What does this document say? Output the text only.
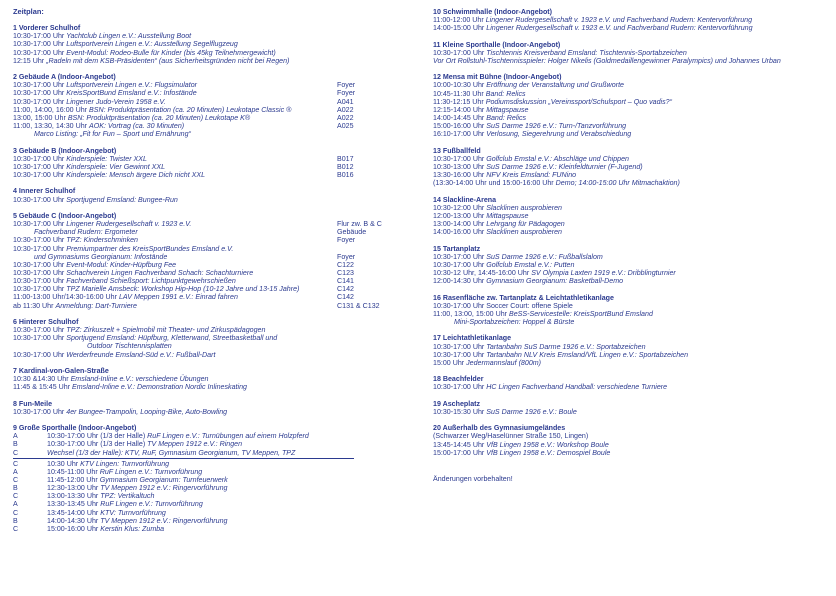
Zeitplan:
1 Vorderer Schulhof
10:30-17:00 Uhr Yachtclub Lingen e.V.: Ausstellung Boot
10:30-17:00 Uhr Luftsportverein Lingen e.V.: Ausstellung Segelflugzeug
10:30-17:00 Uhr Event-Modul: Rodeo-Bulle für Kinder (bis 45kg Teilnehmergewicht)
12:15 Uhr „Radeln mit dem KSB-Präsidenten“ (aus Sicherheitsgründen nicht bei Regen)
2 Gebäude A (Indoor-Angebot)
10:30-17:00 Uhr Luftsportverein Lingen e.V.: Flugsimulator	Foyer
10:30-17:00 Uhr KreisSportBund Emsland e.V.: Infostände	Foyer
10:30-17:00 Uhr Lingener Judo-Verein 1958 e.V.	A041
11:00, 14:00, 16:00 Uhr BSN: Produktpräsentation (ca. 20 Minuten) Leukotape Classic ®	A022
13:00, 15:00 Uhr BSN: Produktpräsentation (ca. 20 Minuten) Leukotape K®	A022
11:00, 13:30, 14:30 Uhr AOK: Vortrag (ca. 30 Minuten)	A025
Marco Listing: „Fit for Fun – Sport und Ernährung“
3 Gebäude B (Indoor-Angebot)
10:30-17:00 Uhr Kinderspiele: Twister XXL	B017
10:30-17:00 Uhr Kinderspiele: Vier Gewinnt XXL	B012
10:30-17:00 Uhr Kinderspiele: Mensch ärgere Dich nicht XXL	B016
4 Innerer Schulhof
10:30-17:00 Uhr Sportjugend Emsland: Bungee-Run
5 Gebäude C (Indoor-Angebot)
10:30-17:00 Uhr Lingener Rudergesellschaft v. 1923 e.V.	Flur zw. B & C
Fachverband Rudern: Ergometer	Gebäude
10:30-17:00 Uhr TPZ: Kinderschminken	Foyer
10:30-17:00 Uhr Premiumpartner des KreisSportBundes Emsland e.V.
und Gymnasiums Georgianum: Infostände	Foyer
10:30-17:00 Uhr Event-Modul: Kinder-Hüpfburg Fee	C122
10:30-17:00 Uhr Schachverein Lingen Fachverband Schach: Schachturniere	C123
10:30-17:00 Uhr Fachverband Schießsport: Lichtpunktgewehrschießen	C141
10:30-17:00 Uhr TPZ Marielle Amsbeck: Workshop Hip-Hop (10-12 Jahre und 13-15 Jahre)	C142
11:00-13:00 Uhr/14:30-16:00 Uhr LAV Meppen 1991 e.V.: Einrad fahren	C142
ab 11:30 Uhr Anmeldung: Dart-Turniere	C131 & C132
6 Hinterer Schulhof
10:30-17:00 Uhr TPZ: Zirkuszelt + Spielmobil mit Theater- und Zirkuspädagogen
10:30-17:00 Uhr Sportjugend Emsland: Hüpfburg, Kletterwand, Streetbasketball und
Outdoor Tischtennisplatten
10:30-17:00 Uhr Werderfreunde Emsland-Süd e.V.: Fußball-Dart
7 Kardinal-von-Galen-Straße
10:30 &14:30 Uhr Emsland-Inline e.V.: verschiedene Übungen
11:45 & 15:45 Uhr Emsland-Inline e.V.: Demonstration Nordic Inlineskating
8 Fun-Meile
10:30-17:00 Uhr 4er Bungee-Trampolin, Looping-Bike, Auto-Bowling
9 Große Sporthalle (Indoor-Angebot)
A	10:30-17:00 Uhr (1/3 der Halle) RuF Lingen e.V.: Turnübungen auf einem Holzpferd
B	10:30-17:00 Uhr (1/3 der Halle) TV Meppen 1912 e.V.: Ringen
C	Wechsel (1/3 der Halle): KTV, RuF, Gymnasium Georgianum, TV Meppen, TPZ
C	10:30 Uhr KTV Lingen: Turnvorführung
A	10:45-11:00 Uhr RuF Lingen e.V.: Turnvorführung
C	11:45-12:00 Uhr Gymnasium Georgianum: Turnfeuerwerk
B	12:30-13:00 Uhr TV Meppen 1912 e.V.: Ringervorführung
C	13:00-13:30 Uhr TPZ: Vertikaltuch
A	13:30-13:45 Uhr RuF Lingen e.V.: Turnvorführung
C	13:45-14:00 Uhr KTV: Turnvorführung
B	14:00-14:30 Uhr TV Meppen 1912 e.V.: Ringervorführung
C	15:00-16:00 Uhr Kerstin Klus: Zumba
10 Schwimmhalle (Indoor-Angebot)
11:00-12:00 Uhr Lingener Rudergesellschaft v. 1923 e.V. und Fachverband Rudern: Kentervorführung
14:00-15:00 Uhr Lingener Rudergesellschaft v. 1923 e.V. und Fachverband Rudern: Kentervorführung
11 Kleine Sporthalle (Indoor-Angebot)
10:30-17:00 Uhr Tischtennis Kreisverband Emsland: Tischtennis-Sportabzeichen
Vor Ort Rollstuhl-Tischtennisspieler: Holger Nikelis (Goldmedaillengewinner Paralympics) und Johannes Urban
12 Mensa mit Bühne (Indoor-Angebot)
10:00-10:30 Uhr Eröffnung der Veranstaltung und Grußworte
10:45-11:30 Uhr Band: Relics
11:30-12:15 Uhr Podiumsdiskussion „Vereinssport/Schulsport – Quo vadis?“
12:15-14:00 Uhr Mittagspause
14:00-14:45 Uhr Band: Relics
15:00-16:00 Uhr SuS Darme 1926 e.V.: Turn-/Tanzvorführung
16:10-17:00 Uhr Verlosung, Siegerehrung und Verabschiedung
13 Fußballfeld
10:30-17:00 Uhr Golfclub Emstal e.V.: Abschläge und Chippen
10:30-13:00 Uhr SuS Darme 1926 e.V.: Kleinfeldturnier (F-Jugend)
13:30-16:00 Uhr NFV Kreis Emsland: FUNino
(13:30-14:00 Uhr und 15:00-16:00 Uhr Demo; 14:00-15:00 Uhr Mitmachaktion)
14 Slackline-Arena
10:30-12:00 Uhr Slacklinen ausprobieren
12:00-13:00 Uhr Mittagspause
13:00-14:00 Uhr Lehrgang für Pädagogen
14:00-16:00 Uhr Slacklinen ausprobieren
15 Tartanplatz
10:30-17:00 Uhr SuS Darme 1926 e.V.: Fußballslalom
10:30-17:00 Uhr Golfclub Emstal e.V.: Putten
10:30-12 Uhr, 14:45-16:00 Uhr SV Olympia Laxten 1919 e.V.: Dribblingturnier
12:00-14:30 Uhr Gymnasium Georgianum: Basketball-Demo
16 Rasenfläche zw. Tartanplatz & Leichtathletikanlage
10:30-17:00 Uhr Soccer Court: offene Spiele
11:00, 13:00, 15:00 Uhr BeSS-Servicestelle: KreisSportBund Emsland
Mini-Sportabzeichen: Hoppel & Bürste
17 Leichtathletikanlage
10:30-17:00 Uhr Tartanbahn SuS Darme 1926 e.V.: Sportabzeichen
10:30-17:00 Uhr Tartanbahn NLV Kreis Emsland/VfL Lingen e.V.: Sportabzeichen
15:00 Uhr Jedermannslauf (800m)
18 Beachfelder
10:30-17:00 Uhr HC Lingen Fachverband Handball: verschiedene Turniere
19 Ascheplatz
10:30-15:30 Uhr SuS Darme 1926 e.V.: Boule
20 Außerhalb des Gymnasiumgeländes
(Schwarzer Weg/Haselünner Straße 150, Lingen)
13:45-14:45 Uhr VfB Lingen 1958 e.V.: Workshop Boule
15:00-17:00 Uhr VfB Lingen 1958 e.V.: Demospiel Boule
Änderungen vorbehalten!
